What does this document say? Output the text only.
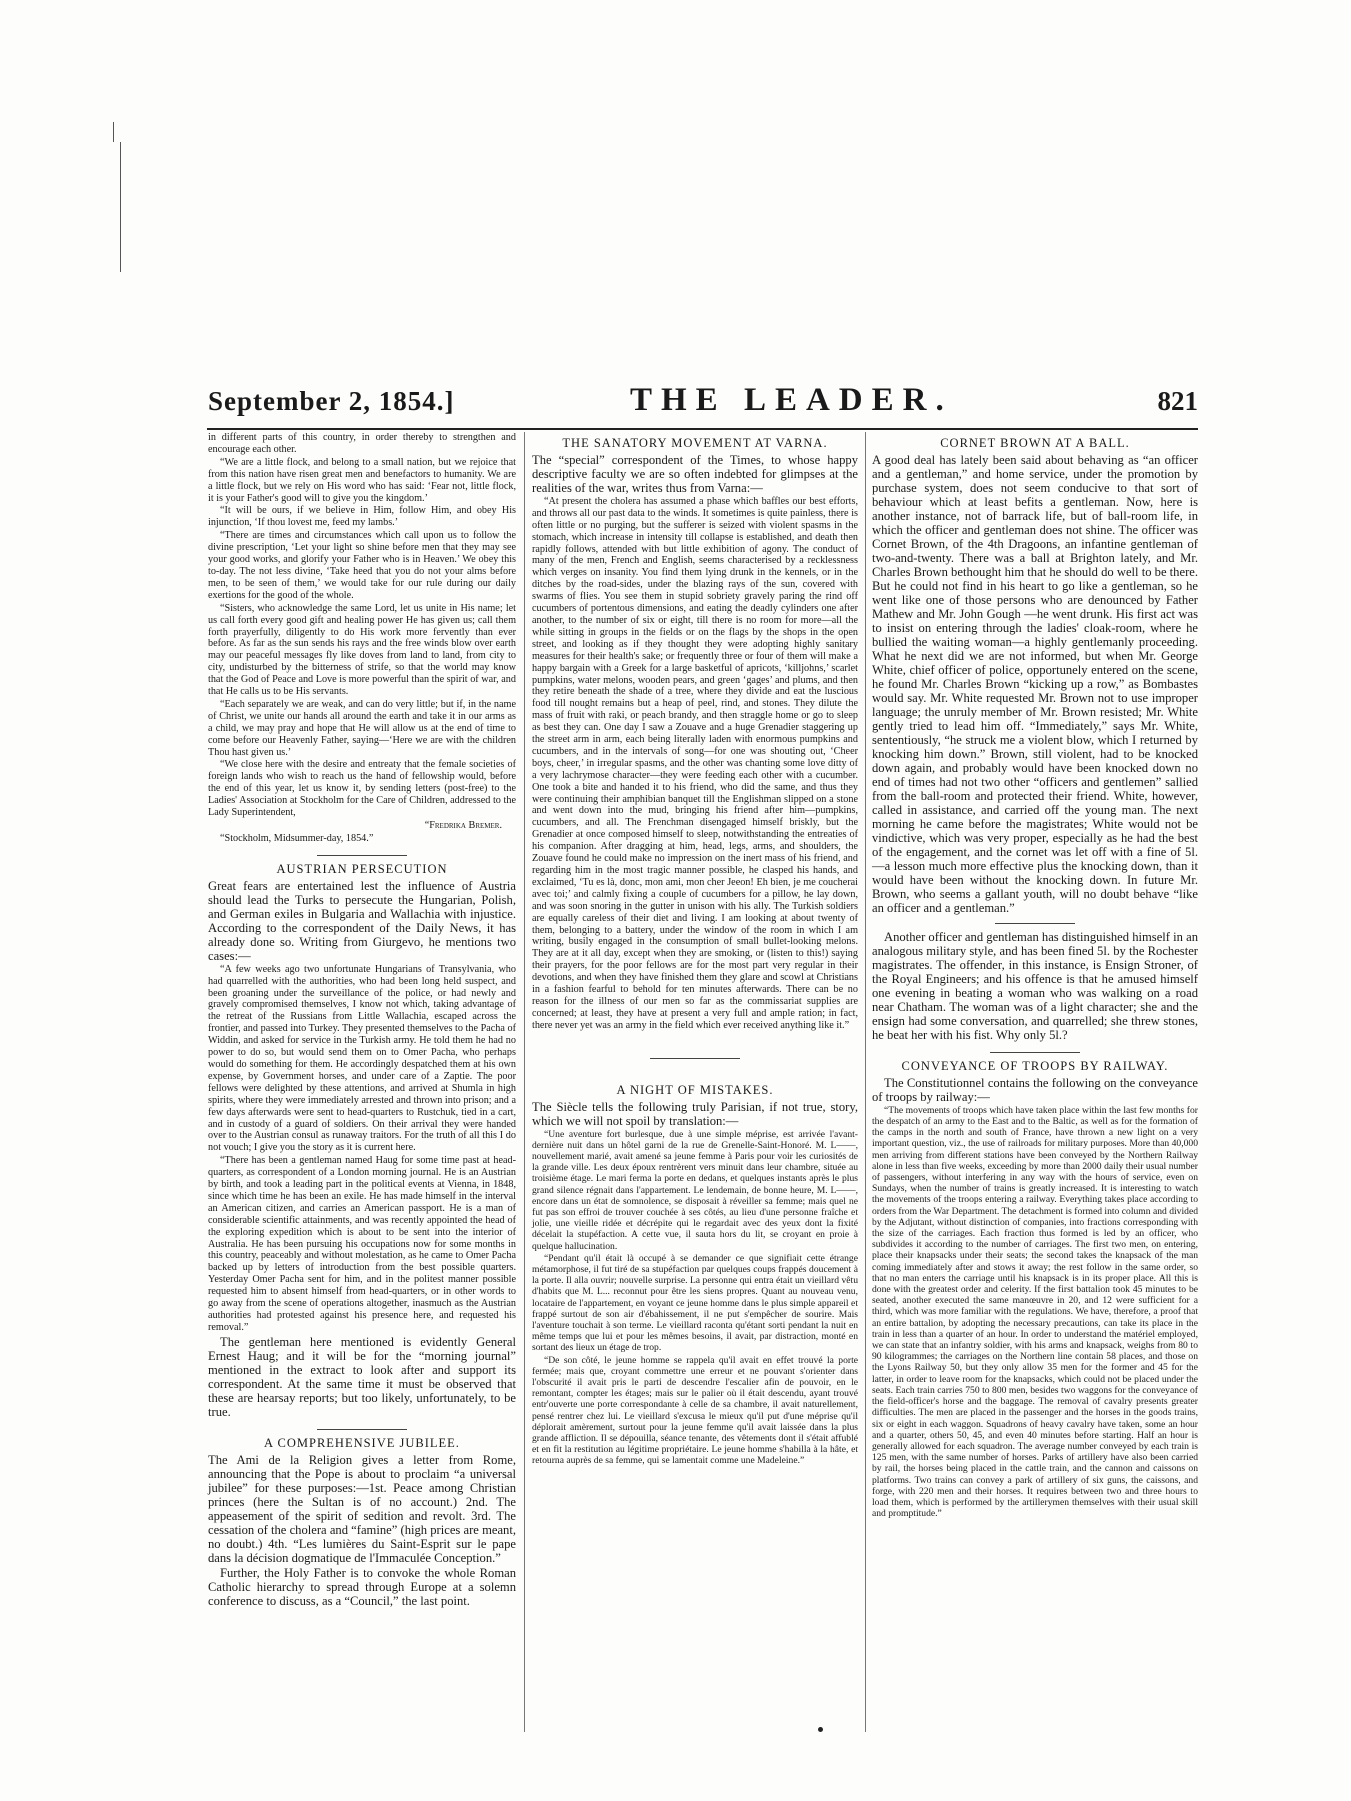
September 2, 1854.]	THE LEADER.	821

in different parts of this country, in order thereby to strengthen and encourage each other.

“We are a little flock, and belong to a small nation, but we rejoice that from this nation have risen great men and benefactors to humanity. We are a little flock, but we rely on His word who has said: ‘Fear not, little flock, it is your Father's good will to give you the kingdom.’

“It will be ours, if we believe in Him, follow Him, and obey His injunction, ‘If thou lovest me, feed my lambs.’

“There are times and circumstances which call upon us to follow the divine prescription, ‘Let your light so shine before men that they may see your good works, and glorify your Father who is in Heaven.’ We obey this to-day. The not less divine, ‘Take heed that you do not your alms before men, to be seen of them,’ we would take for our rule during our daily exertions for the good of the whole.

“Sisters, who acknowledge the same Lord, let us unite in His name; let us call forth every good gift and healing power He has given us; call them forth prayerfully, diligently to do His work more fervently than ever before. As far as the sun sends his rays and the free winds blow over earth may our peaceful messages fly like doves from land to land, from city to city, undisturbed by the bitterness of strife, so that the world may know that the God of Peace and Love is more powerful than the spirit of war, and that He calls us to be His servants.

“Each separately we are weak, and can do very little; but if, in the name of Christ, we unite our hands all around the earth and take it in our arms as a child, we may pray and hope that He will allow us at the end of time to come before our Heavenly Father, saying—‘Here we are with the children Thou hast given us.’

“We close here with the desire and entreaty that the female societies of foreign lands who wish to reach us the hand of fellowship would, before the end of this year, let us know it, by sending letters (post-free) to the Ladies' Association at Stockholm for the Care of Children, addressed to the Lady Superintendent,

“Fredrika Bremer.

“Stockholm, Midsummer-day, 1854.”

AUSTRIAN PERSECUTION

Great fears are entertained lest the influence of Austria should lead the Turks to persecute the Hungarian, Polish, and German exiles in Bulgaria and Wallachia with injustice. According to the correspondent of the Daily News, it has already done so. Writing from Giurgevo, he mentions two cases:—

“A few weeks ago two unfortunate Hungarians of Transylvania, who had quarrelled with the authorities, who had been long held suspect, and been groaning under the surveillance of the police, or had newly and gravely compromised themselves, I know not which, taking advantage of the retreat of the Russians from Little Wallachia, escaped across the frontier, and passed into Turkey. They presented themselves to the Pacha of Widdin, and asked for service in the Turkish army. He told them he had no power to do so, but would send them on to Omer Pacha, who perhaps would do something for them. He accordingly despatched them at his own expense, by Government horses, and under care of a Zaptie. The poor fellows were delighted by these attentions, and arrived at Shumla in high spirits, where they were immediately arrested and thrown into prison; and a few days afterwards were sent to head-quarters to Rustchuk, tied in a cart, and in custody of a guard of soldiers. On their arrival they were handed over to the Austrian consul as runaway traitors. For the truth of all this I do not vouch; I give you the story as it is current here.

“There has been a gentleman named Haug for some time past at head-quarters, as correspondent of a London morning journal. He is an Austrian by birth, and took a leading part in the political events at Vienna, in 1848, since which time he has been an exile. He has made himself in the interval an American citizen, and carries an American passport. He is a man of considerable scientific attainments, and was recently appointed the head of the exploring expedition which is about to be sent into the interior of Australia. He has been pursuing his occupations now for some months in this country, peaceably and without molestation, as he came to Omer Pacha backed up by letters of introduction from the best possible quarters. Yesterday Omer Pacha sent for him, and in the politest manner possible requested him to absent himself from head-quarters, or in other words to go away from the scene of operations altogether, inasmuch as the Austrian authorities had protested against his presence here, and requested his removal.”

The gentleman here mentioned is evidently General Ernest Haug; and it will be for the “morning journal” mentioned in the extract to look after and support its correspondent. At the same time it must be observed that these are hearsay reports; but too likely, unfortunately, to be true.

A COMPREHENSIVE JUBILEE.

The Ami de la Religion gives a letter from Rome, announcing that the Pope is about to proclaim “a universal jubilee” for these purposes:—1st. Peace among Christian princes (here the Sultan is of no account.) 2nd. The appeasement of the spirit of sedition and revolt. 3rd. The cessation of the cholera and “famine” (high prices are meant, no doubt.) 4th. “Les lumières du Saint-Esprit sur le pape dans la décision dogmatique de l'Immaculée Conception.”

Further, the Holy Father is to convoke the whole Roman Catholic hierarchy to spread through Europe at a solemn conference to discuss, as a “Council,” the last point.

THE SANATORY MOVEMENT AT VARNA.

The “special” correspondent of the Times, to whose happy descriptive faculty we are so often indebted for glimpses at the realities of the war, writes thus from Varna:—

“At present the cholera has assumed a phase which baffles our best efforts, and throws all our past data to the winds. It sometimes is quite painless, there is often little or no purging, but the sufferer is seized with violent spasms in the stomach, which increase in intensity till collapse is established, and death then rapidly follows, attended with but little exhibition of agony. The conduct of many of the men, French and English, seems characterised by a recklessness which verges on insanity. You find them lying drunk in the kennels, or in the ditches by the road-sides, under the blazing rays of the sun, covered with swarms of flies. You see them in stupid sobriety gravely paring the rind off cucumbers of portentous dimensions, and eating the deadly cylinders one after another, to the number of six or eight, till there is no room for more—all the while sitting in groups in the fields or on the flags by the shops in the open street, and looking as if they thought they were adopting highly sanitary measures for their health's sake; or frequently three or four of them will make a happy bargain with a Greek for a large basketful of apricots, ‘killjohns,’ scarlet pumpkins, water melons, wooden pears, and green ‘gages’ and plums, and then they retire beneath the shade of a tree, where they divide and eat the luscious food till nought remains but a heap of peel, rind, and stones. They dilute the mass of fruit with raki, or peach brandy, and then straggle home or go to sleep as best they can. One day I saw a Zouave and a huge Grenadier staggering up the street arm in arm, each being literally laden with enormous pumpkins and cucumbers, and in the intervals of song—for one was shouting out, ‘Cheer boys, cheer,’ in irregular spasms, and the other was chanting some love ditty of a very lachrymose character—they were feeding each other with a cucumber. One took a bite and handed it to his friend, who did the same, and thus they were continuing their amphibian banquet till the Englishman slipped on a stone and went down into the mud, bringing his friend after him—pumpkins, cucumbers, and all. The Frenchman disengaged himself briskly, but the Grenadier at once composed himself to sleep, notwithstanding the entreaties of his companion. After dragging at him, head, legs, arms, and shoulders, the Zouave found he could make no impression on the inert mass of his friend, and regarding him in the most tragic manner possible, he clasped his hands, and exclaimed, ‘Tu es là, donc, mon ami, mon cher Jeeon! Eh bien, je me coucherai avec toi;’ and calmly fixing a couple of cucumbers for a pillow, he lay down, and was soon snoring in the gutter in unison with his ally. The Turkish soldiers are equally careless of their diet and living. I am looking at about twenty of them, belonging to a battery, under the window of the room in which I am writing, busily engaged in the consumption of small bullet-looking melons. They are at it all day, except when they are smoking, or (listen to this!) saying their prayers, for the poor fellows are for the most part very regular in their devotions, and when they have finished them they glare and scowl at Christians in a fashion fearful to behold for ten minutes afterwards. There can be no reason for the illness of our men so far as the commissariat supplies are concerned; at least, they have at present a very full and ample ration; in fact, there never yet was an army in the field which ever received anything like it.”

A NIGHT OF MISTAKES.

The Siècle tells the following truly Parisian, if not true, story, which we will not spoil by translation:—

“Une aventure fort burlesque, due à une simple méprise, est arrivée l'avant-dernière nuit dans un hôtel garni de la rue de Grenelle-Saint-Honoré. M. L——, nouvellement marié, avait amené sa jeune femme à Paris pour voir les curiosités de la grande ville. Les deux époux rentrèrent vers minuit dans leur chambre, située au troisième étage. Le mari ferma la porte en dedans, et quelques instants après le plus grand silence régnait dans l'appartement. Le lendemain, de bonne heure, M. L——, encore dans un état de somnolence, se disposait à réveiller sa femme; mais quel ne fut pas son effroi de trouver couchée à ses côtés, au lieu d'une personne fraîche et jolie, une vieille ridée et décrépite qui le regardait avec des yeux dont la fixité décelait la stupéfaction. A cette vue, il sauta hors du lit, se croyant en proie à quelque hallucination.

“Pendant qu'il était là occupé à se demander ce que signifiait cette étrange métamorphose, il fut tiré de sa stupéfaction par quelques coups frappés doucement à la porte. Il alla ouvrir; nouvelle surprise. La personne qui entra était un vieillard vêtu d'habits que M. L... reconnut pour être les siens propres. Quant au nouveau venu, locataire de l'appartement, en voyant ce jeune homme dans le plus simple appareil et frappé surtout de son air d'ébahissement, il ne put s'empêcher de sourire. Mais l'aventure touchait à son terme. Le vieillard raconta qu'étant sorti pendant la nuit en même temps que lui et pour les mêmes besoins, il avait, par distraction, monté en sortant des lieux un étage de trop.

“De son côté, le jeune homme se rappela qu'il avait en effet trouvé la porte fermée; mais que, croyant commettre une erreur et ne pouvant s'orienter dans l'obscurité il avait pris le parti de descendre l'escalier afin de pouvoir, en le remontant, compter les étages; mais sur le palier où il était descendu, ayant trouvé entr'ouverte une porte correspondante à celle de sa chambre, il avait naturellement, pensé rentrer chez lui. Le vieillard s'excusa le mieux qu'il put d'une méprise qu'il déplorait amèrement, surtout pour la jeune femme qu'il avait laissée dans la plus grande affliction. Il se dépouilla, séance tenante, des vêtements dont il s'était affublé et en fit la restitution au légitime propriétaire. Le jeune homme s'habilla à la hâte, et retourna auprès de sa femme, qui se lamentait comme une Madeleine.”

CORNET BROWN AT A BALL.

A good deal has lately been said about behaving as “an officer and a gentleman,” and home service, under the promotion by purchase system, does not seem conducive to that sort of behaviour which at least befits a gentleman. Now, here is another instance, not of barrack life, but of ball-room life, in which the officer and gentleman does not shine. The officer was Cornet Brown, of the 4th Dragoons, an infantine gentleman of two-and-twenty. There was a ball at Brighton lately, and Mr. Charles Brown bethought him that he should do well to be there. But he could not find in his heart to go like a gentleman, so he went like one of those persons who are denounced by Father Mathew and Mr. John Gough —he went drunk. His first act was to insist on entering through the ladies' cloak-room, where he bullied the waiting woman—a highly gentlemanly proceeding. What he next did we are not informed, but when Mr. George White, chief officer of police, opportunely entered on the scene, he found Mr. Charles Brown “kicking up a row,” as Bombastes would say. Mr. White requested Mr. Brown not to use improper language; the unruly member of Mr. Brown resisted; Mr. White gently tried to lead him off. “Immediately,” says Mr. White, sententiously, “he struck me a violent blow, which I returned by knocking him down.” Brown, still violent, had to be knocked down again, and probably would have been knocked down no end of times had not two other “officers and gentlemen” sallied from the ball-room and protected their friend. White, however, called in assistance, and carried off the young man. The next morning he came before the magistrates; White would not be vindictive, which was very proper, especially as he had the best of the engagement, and the cornet was let off with a fine of 5l.—a lesson much more effective plus the knocking down, than it would have been without the knocking down. In future Mr. Brown, who seems a gallant youth, will no doubt behave “like an officer and a gentleman.”

Another officer and gentleman has distinguished himself in an analogous military style, and has been fined 5l. by the Rochester magistrates. The offender, in this instance, is Ensign Stroner, of the Royal Engineers; and his offence is that he amused himself one evening in beating a woman who was walking on a road near Chatham. The woman was of a light character; she and the ensign had some conversation, and quarrelled; she threw stones, he beat her with his fist. Why only 5l.?

CONVEYANCE OF TROOPS BY RAILWAY.

The Constitutionnel contains the following on the conveyance of troops by railway:—

“The movements of troops which have taken place within the last few months for the despatch of an army to the East and to the Baltic, as well as for the formation of the camps in the north and south of France, have thrown a new light on a very important question, viz., the use of railroads for military purposes. More than 40,000 men arriving from different stations have been conveyed by the Northern Railway alone in less than five weeks, exceeding by more than 2000 daily their usual number of passengers, without interfering in any way with the hours of service, even on Sundays, when the number of trains is greatly increased. It is interesting to watch the movements of the troops entering a railway. Everything takes place according to orders from the War Department. The detachment is formed into column and divided by the Adjutant, without distinction of companies, into fractions corresponding with the size of the carriages. Each fraction thus formed is led by an officer, who subdivides it according to the number of carriages. The first two men, on entering, place their knapsacks under their seats; the second takes the knapsack of the man coming immediately after and stows it away; the rest follow in the same order, so that no man enters the carriage until his knapsack is in its proper place. All this is done with the greatest order and celerity. If the first battalion took 45 minutes to be seated, another executed the same manœuvre in 20, and 12 were sufficient for a third, which was more familiar with the regulations. We have, therefore, a proof that an entire battalion, by adopting the necessary precautions, can take its place in the train in less than a quarter of an hour. In order to understand the matériel employed, we can state that an infantry soldier, with his arms and knapsack, weighs from 80 to 90 kilogrammes; the carriages on the Northern line contain 58 places, and those on the Lyons Railway 50, but they only allow 35 men for the former and 45 for the latter, in order to leave room for the knapsacks, which could not be placed under the seats. Each train carries 750 to 800 men, besides two waggons for the conveyance of the field-officer's horse and the baggage. The removal of cavalry presents greater difficulties. The men are placed in the passenger and the horses in the goods trains, six or eight in each waggon. Squadrons of heavy cavalry have taken, some an hour and a quarter, others 50, 45, and even 40 minutes before starting. Half an hour is generally allowed for each squadron. The average number conveyed by each train is 125 men, with the same number of horses. Parks of artillery have also been carried by rail, the horses being placed in the cattle train, and the cannon and caissons on platforms. Two trains can convey a park of artillery of six guns, the caissons, and forge, with 220 men and their horses. It requires between two and three hours to load them, which is performed by the artillerymen themselves with their usual skill and promptitude.”
